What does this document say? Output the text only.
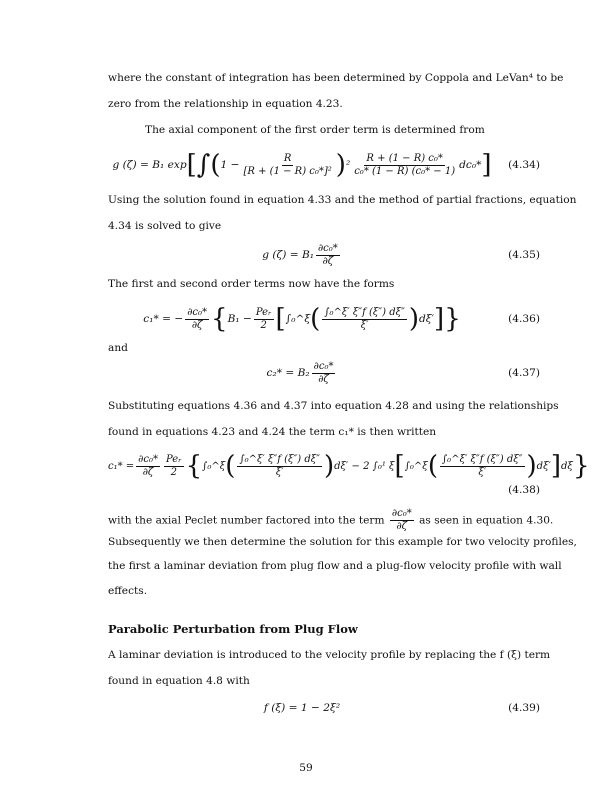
where the constant of integration has been determined by Coppola and LeVan⁴ to be
zero from the relationship in equation 4.23.
The axial component of the first order term is determined from
g (ζ) = B₁ exp [∫ ( $1 - \frac{R}{\text{[R + (1 − R) c₀*]²}}$ ) $^2 \frac{\text{R + (1 − R) c₀*}}{\text{c₀* (1 − R) (c₀* − 1)}} dc_0*$ ] (4.34)
Using the solution found in equation 4.33 and the method of partial fractions, equation
4.34 is solved to give
g $(\zeta) = B_1 \frac{\text{∂c₀*}}{\partial\zeta}$	(4.35)
The first and second order terms now have the forms
c₁* = − $\frac{\text{∂c₀*}}{\partial\zeta}$ { $B_1 - \frac{\text{Peᵣ}}{2}$ [ ∫₀^ξ ( $\frac{\text{∫₀\textasciicircum{}ξ′ ξ″f (ξ″) dξ″}}{\xi'}$ ) dξ′ ]}	(4.36)
and
$c_2* = B_2 \frac{\text{∂c₀*}}{\partial\zeta}$	(4.37)
Substituting equations 4.36 and 4.37 into equation 4.28 and using the relationships
found in equations 4.23 and 4.24 the term c₁* is then written
$c_1* = \frac{\text{∂c₀*}}{\partial\zeta} \frac{\text{Peᵣ}}{2}$ { ∫₀^ξ ( $\frac{\text{∫₀\textasciicircum{}ξ′ ξ″f (ξ″) dξ″}}{\xi'}$ ) dξ′
− 2
∫₀¹ ξ [ ∫₀^ξ ( $\frac{\text{∫₀\textasciicircum{}ξ′ ξ″f (ξ″) dξ″}}{\xi'}$ ) dξ′ ] dξ }
(4.38)
with the axial Peclet number factored into the term $\frac{\text{∂c₀*}}{\partial\zeta}$ as seen in equation 4.30.
Subsequently we then determine the solution for this example for two velocity profiles,
the first a laminar deviation from plug flow and a plug-flow velocity profile with wall
effects.
Parabolic Perturbation from Plug Flow
A laminar deviation is introduced to the velocity profile by replacing the f (ξ) term
found in equation 4.8 with
f (ξ) = 1 − 2ξ²	(4.39)
59
